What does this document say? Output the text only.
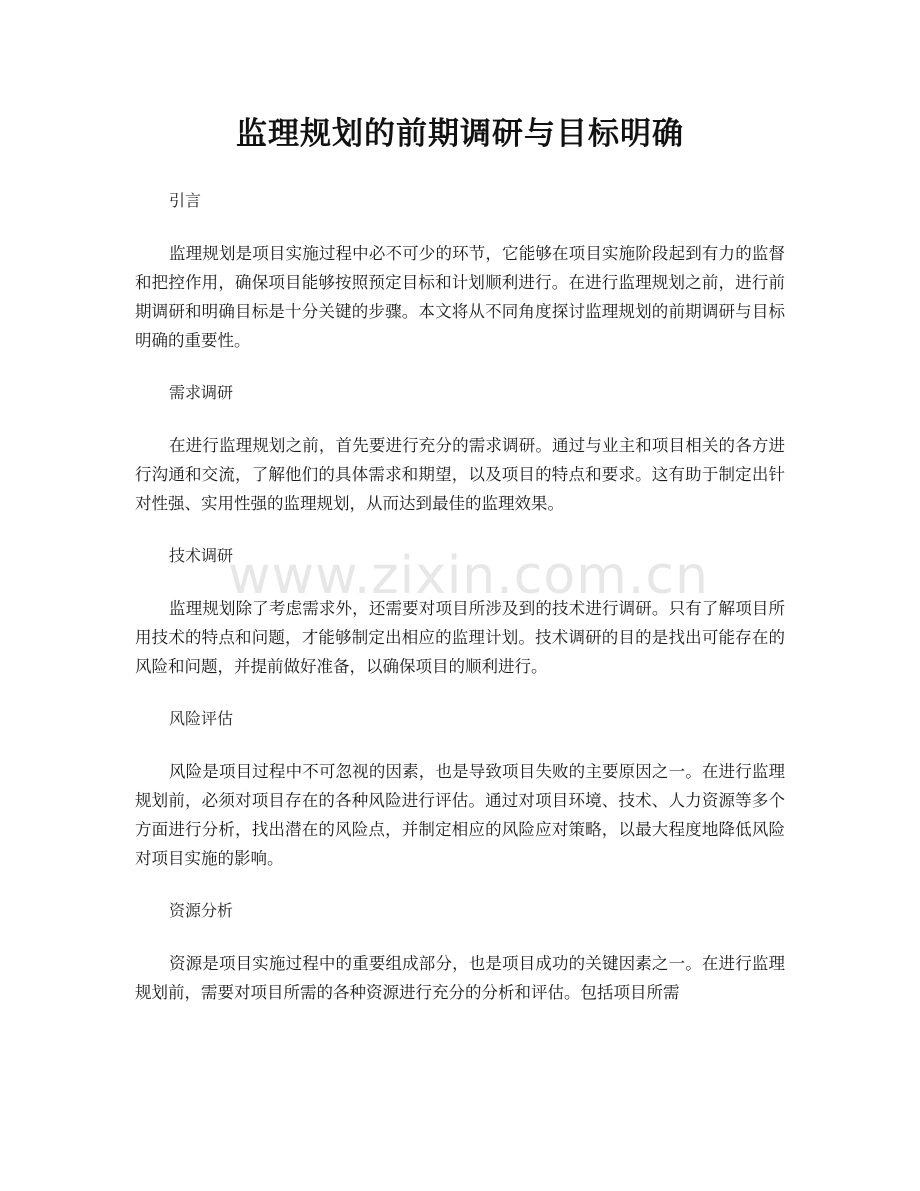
监理规划的前期调研与目标明确

引言

监理规划是项目实施过程中必不可少的环节，它能够在项目实施阶段起到有力的监督和把控作用，确保项目能够按照预定目标和计划顺利进行。在进行监理规划之前，进行前期调研和明确目标是十分关键的步骤。本文将从不同角度探讨监理规划的前期调研与目标明确的重要性。

需求调研

在进行监理规划之前，首先要进行充分的需求调研。通过与业主和项目相关的各方进行沟通和交流，了解他们的具体需求和期望，以及项目的特点和要求。这有助于制定出针对性强、实用性强的监理规划，从而达到最佳的监理效果。

技术调研

监理规划除了考虑需求外，还需要对项目所涉及到的技术进行调研。只有了解项目所用技术的特点和问题，才能够制定出相应的监理计划。技术调研的目的是找出可能存在的风险和问题，并提前做好准备，以确保项目的顺利进行。

风险评估

风险是项目过程中不可忽视的因素，也是导致项目失败的主要原因之一。在进行监理规划前，必须对项目存在的各种风险进行评估。通过对项目环境、技术、人力资源等多个方面进行分析，找出潜在的风险点，并制定相应的风险应对策略，以最大程度地降低风险对项目实施的影响。

资源分析

资源是项目实施过程中的重要组成部分，也是项目成功的关键因素之一。在进行监理规划前，需要对项目所需的各种资源进行充分的分析和评估。包括项目所需

www.zixin.com.cn
